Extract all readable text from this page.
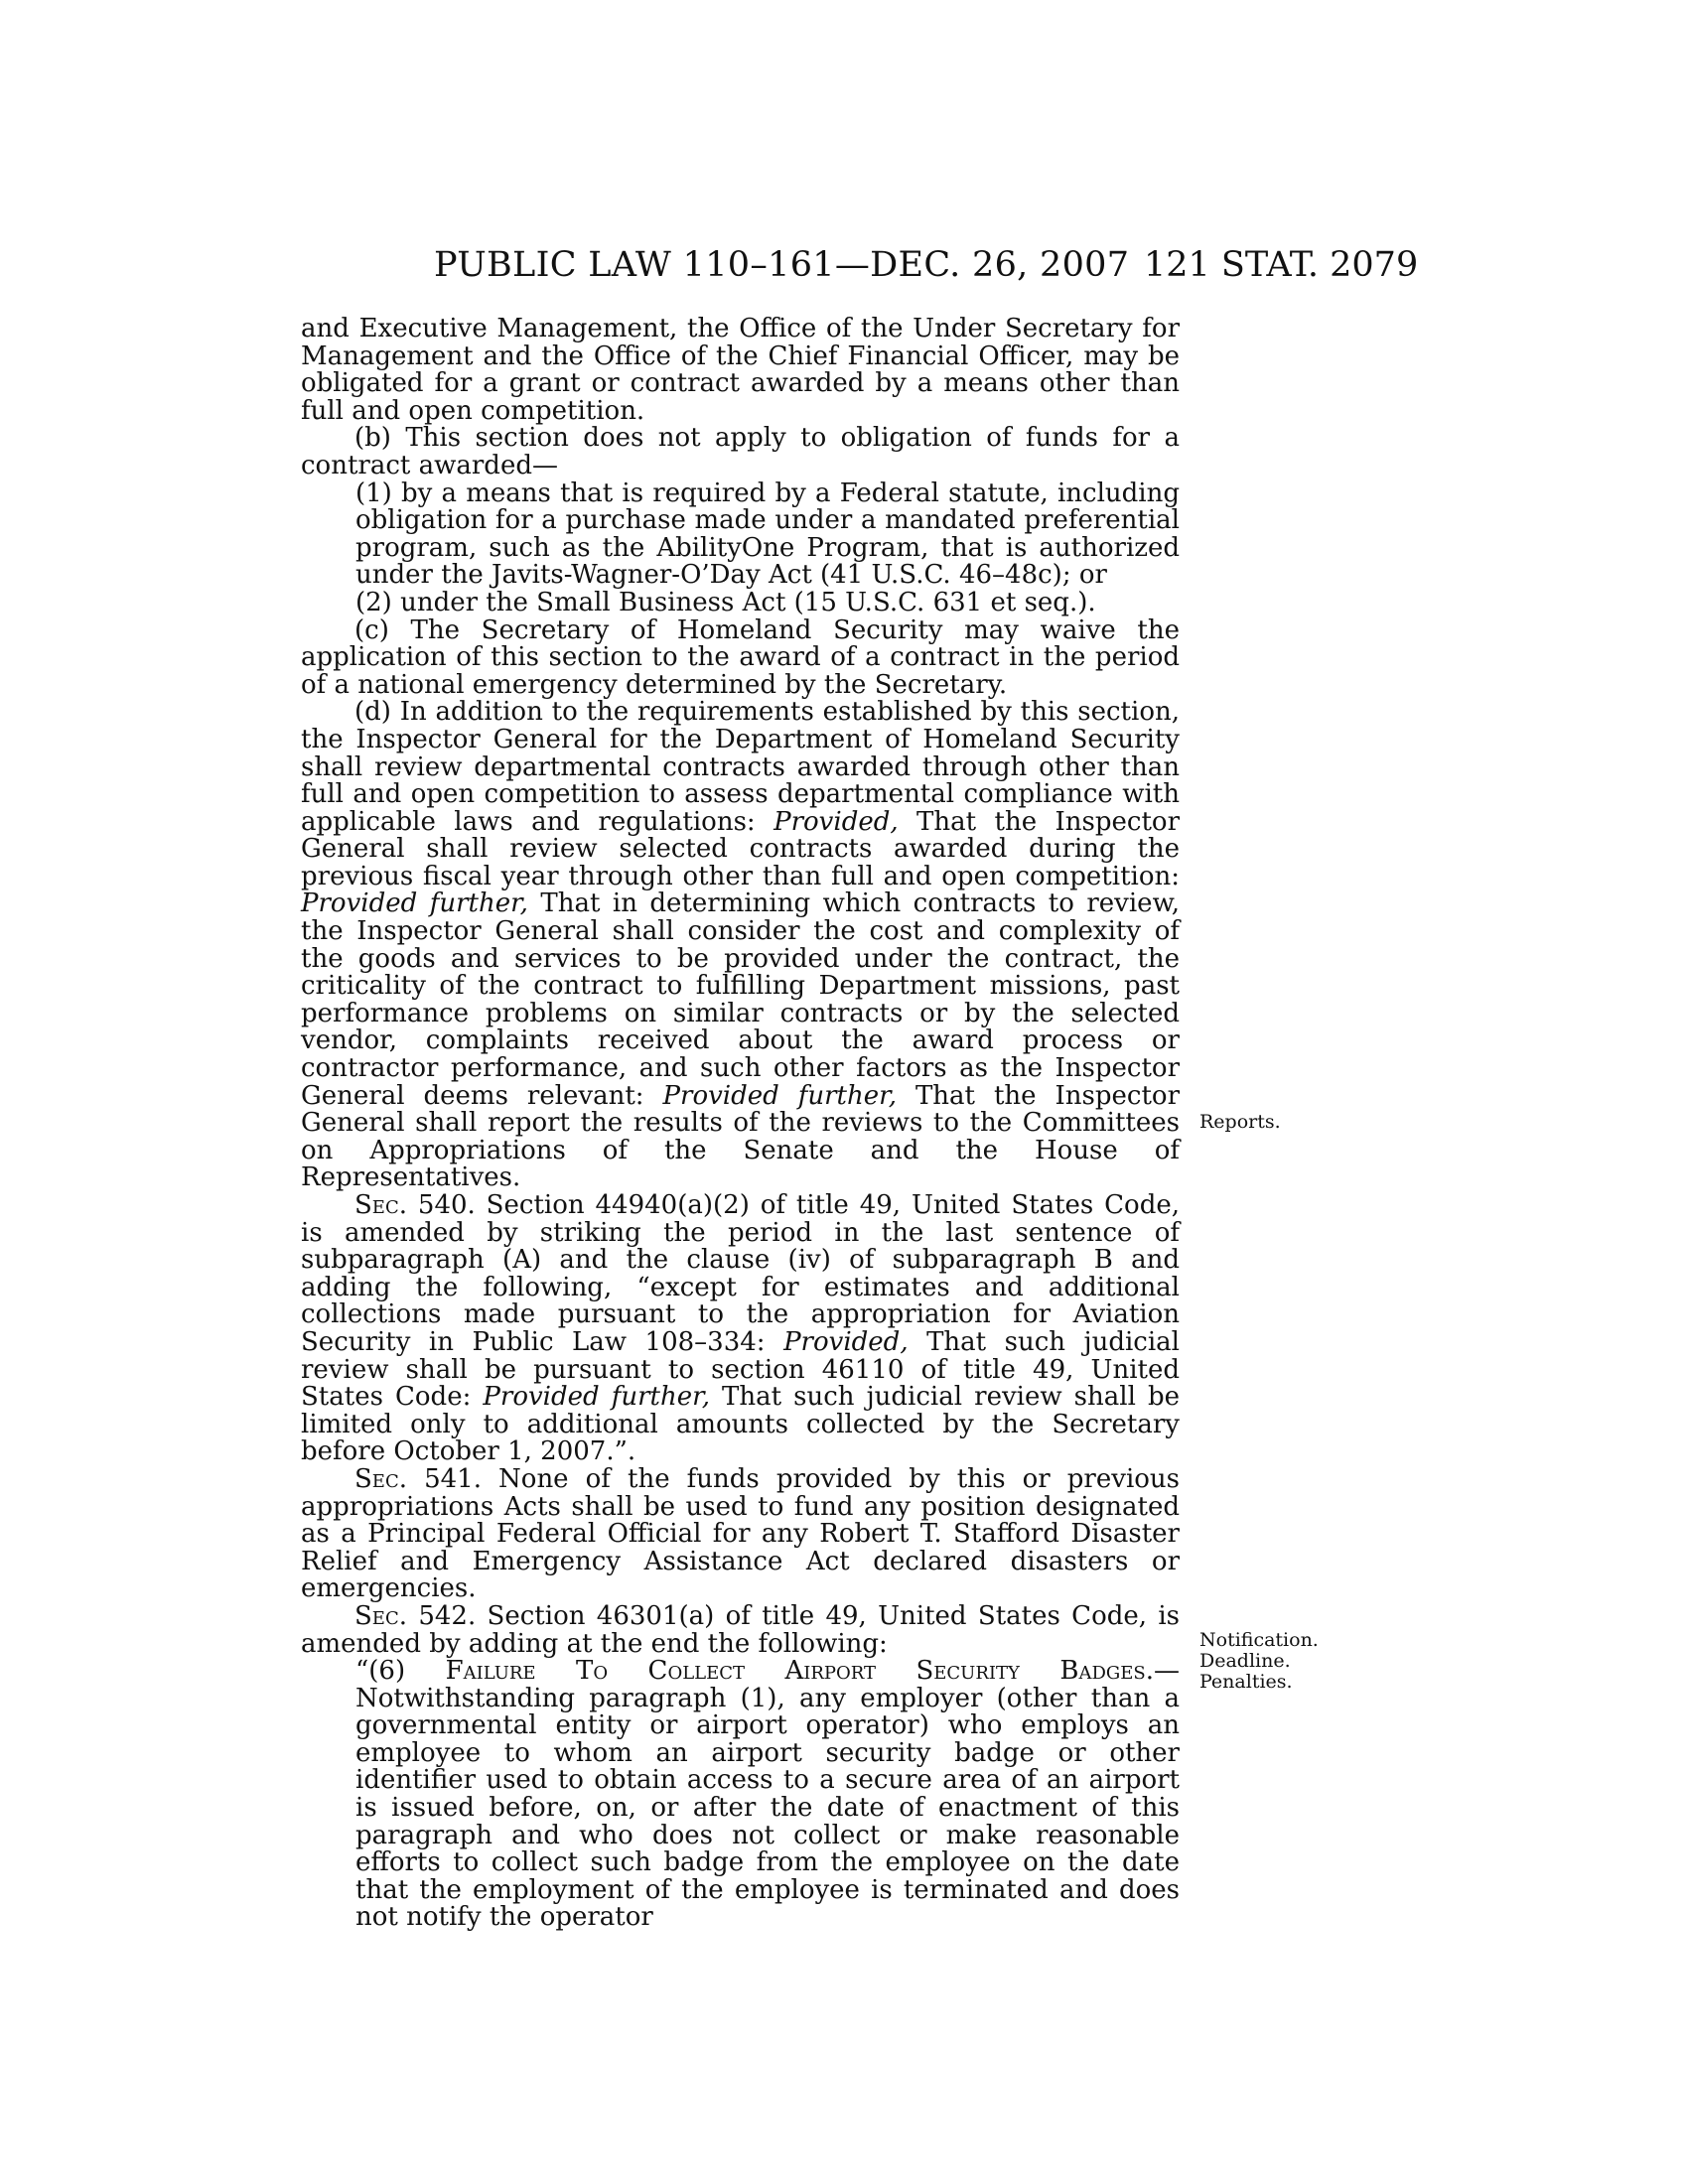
PUBLIC LAW 110–161—DEC. 26, 2007 121 STAT. 2079

and Executive Management, the Office of the Under Secretary for Management and the Office of the Chief Financial Officer, may be obligated for a grant or contract awarded by a means other than full and open competition.

(b) This section does not apply to obligation of funds for a contract awarded—

(1) by a means that is required by a Federal statute, including obligation for a purchase made under a mandated preferential program, such as the AbilityOne Program, that is authorized under the Javits-Wagner-O’Day Act (41 U.S.C. 46–48c); or

(2) under the Small Business Act (15 U.S.C. 631 et seq.).

(c) The Secretary of Homeland Security may waive the application of this section to the award of a contract in the period of a national emergency determined by the Secretary.

(d) In addition to the requirements established by this section, the Inspector General for the Department of Homeland Security shall review departmental contracts awarded through other than full and open competition to assess departmental compliance with applicable laws and regulations: Provided, That the Inspector General shall review selected contracts awarded during the previous fiscal year through other than full and open competition: Provided further, That in determining which contracts to review, the Inspector General shall consider the cost and complexity of the goods and services to be provided under the contract, the criticality of the contract to fulfilling Department missions, past performance problems on similar contracts or by the selected vendor, complaints received about the award process or contractor performance, and such other factors as the Inspector General deems relevant: Provided further, That the Inspector General shall report the results of the reviews to the Committees on Appropriations of the Senate and the House of Representatives.

Sec. 540. Section 44940(a)(2) of title 49, United States Code, is amended by striking the period in the last sentence of subparagraph (A) and the clause (iv) of subparagraph B and adding the following, “except for estimates and additional collections made pursuant to the appropriation for Aviation Security in Public Law 108–334: Provided, That such judicial review shall be pursuant to section 46110 of title 49, United States Code: Provided further, That such judicial review shall be limited only to additional amounts collected by the Secretary before October 1, 2007.”.

Sec. 541. None of the funds provided by this or previous appropriations Acts shall be used to fund any position designated as a Principal Federal Official for any Robert T. Stafford Disaster Relief and Emergency Assistance Act declared disasters or emergencies.

Sec. 542. Section 46301(a) of title 49, United States Code, is amended by adding at the end the following:

“(6) Failure To Collect Airport Security Badges.— Notwithstanding paragraph (1), any employer (other than a governmental entity or airport operator) who employs an employee to whom an airport security badge or other identifier used to obtain access to a secure area of an airport is issued before, on, or after the date of enactment of this paragraph and who does not collect or make reasonable efforts to collect such badge from the employee on the date that the employment of the employee is terminated and does not notify the operator

Reports.
Notification.
Deadline.
Penalties.
